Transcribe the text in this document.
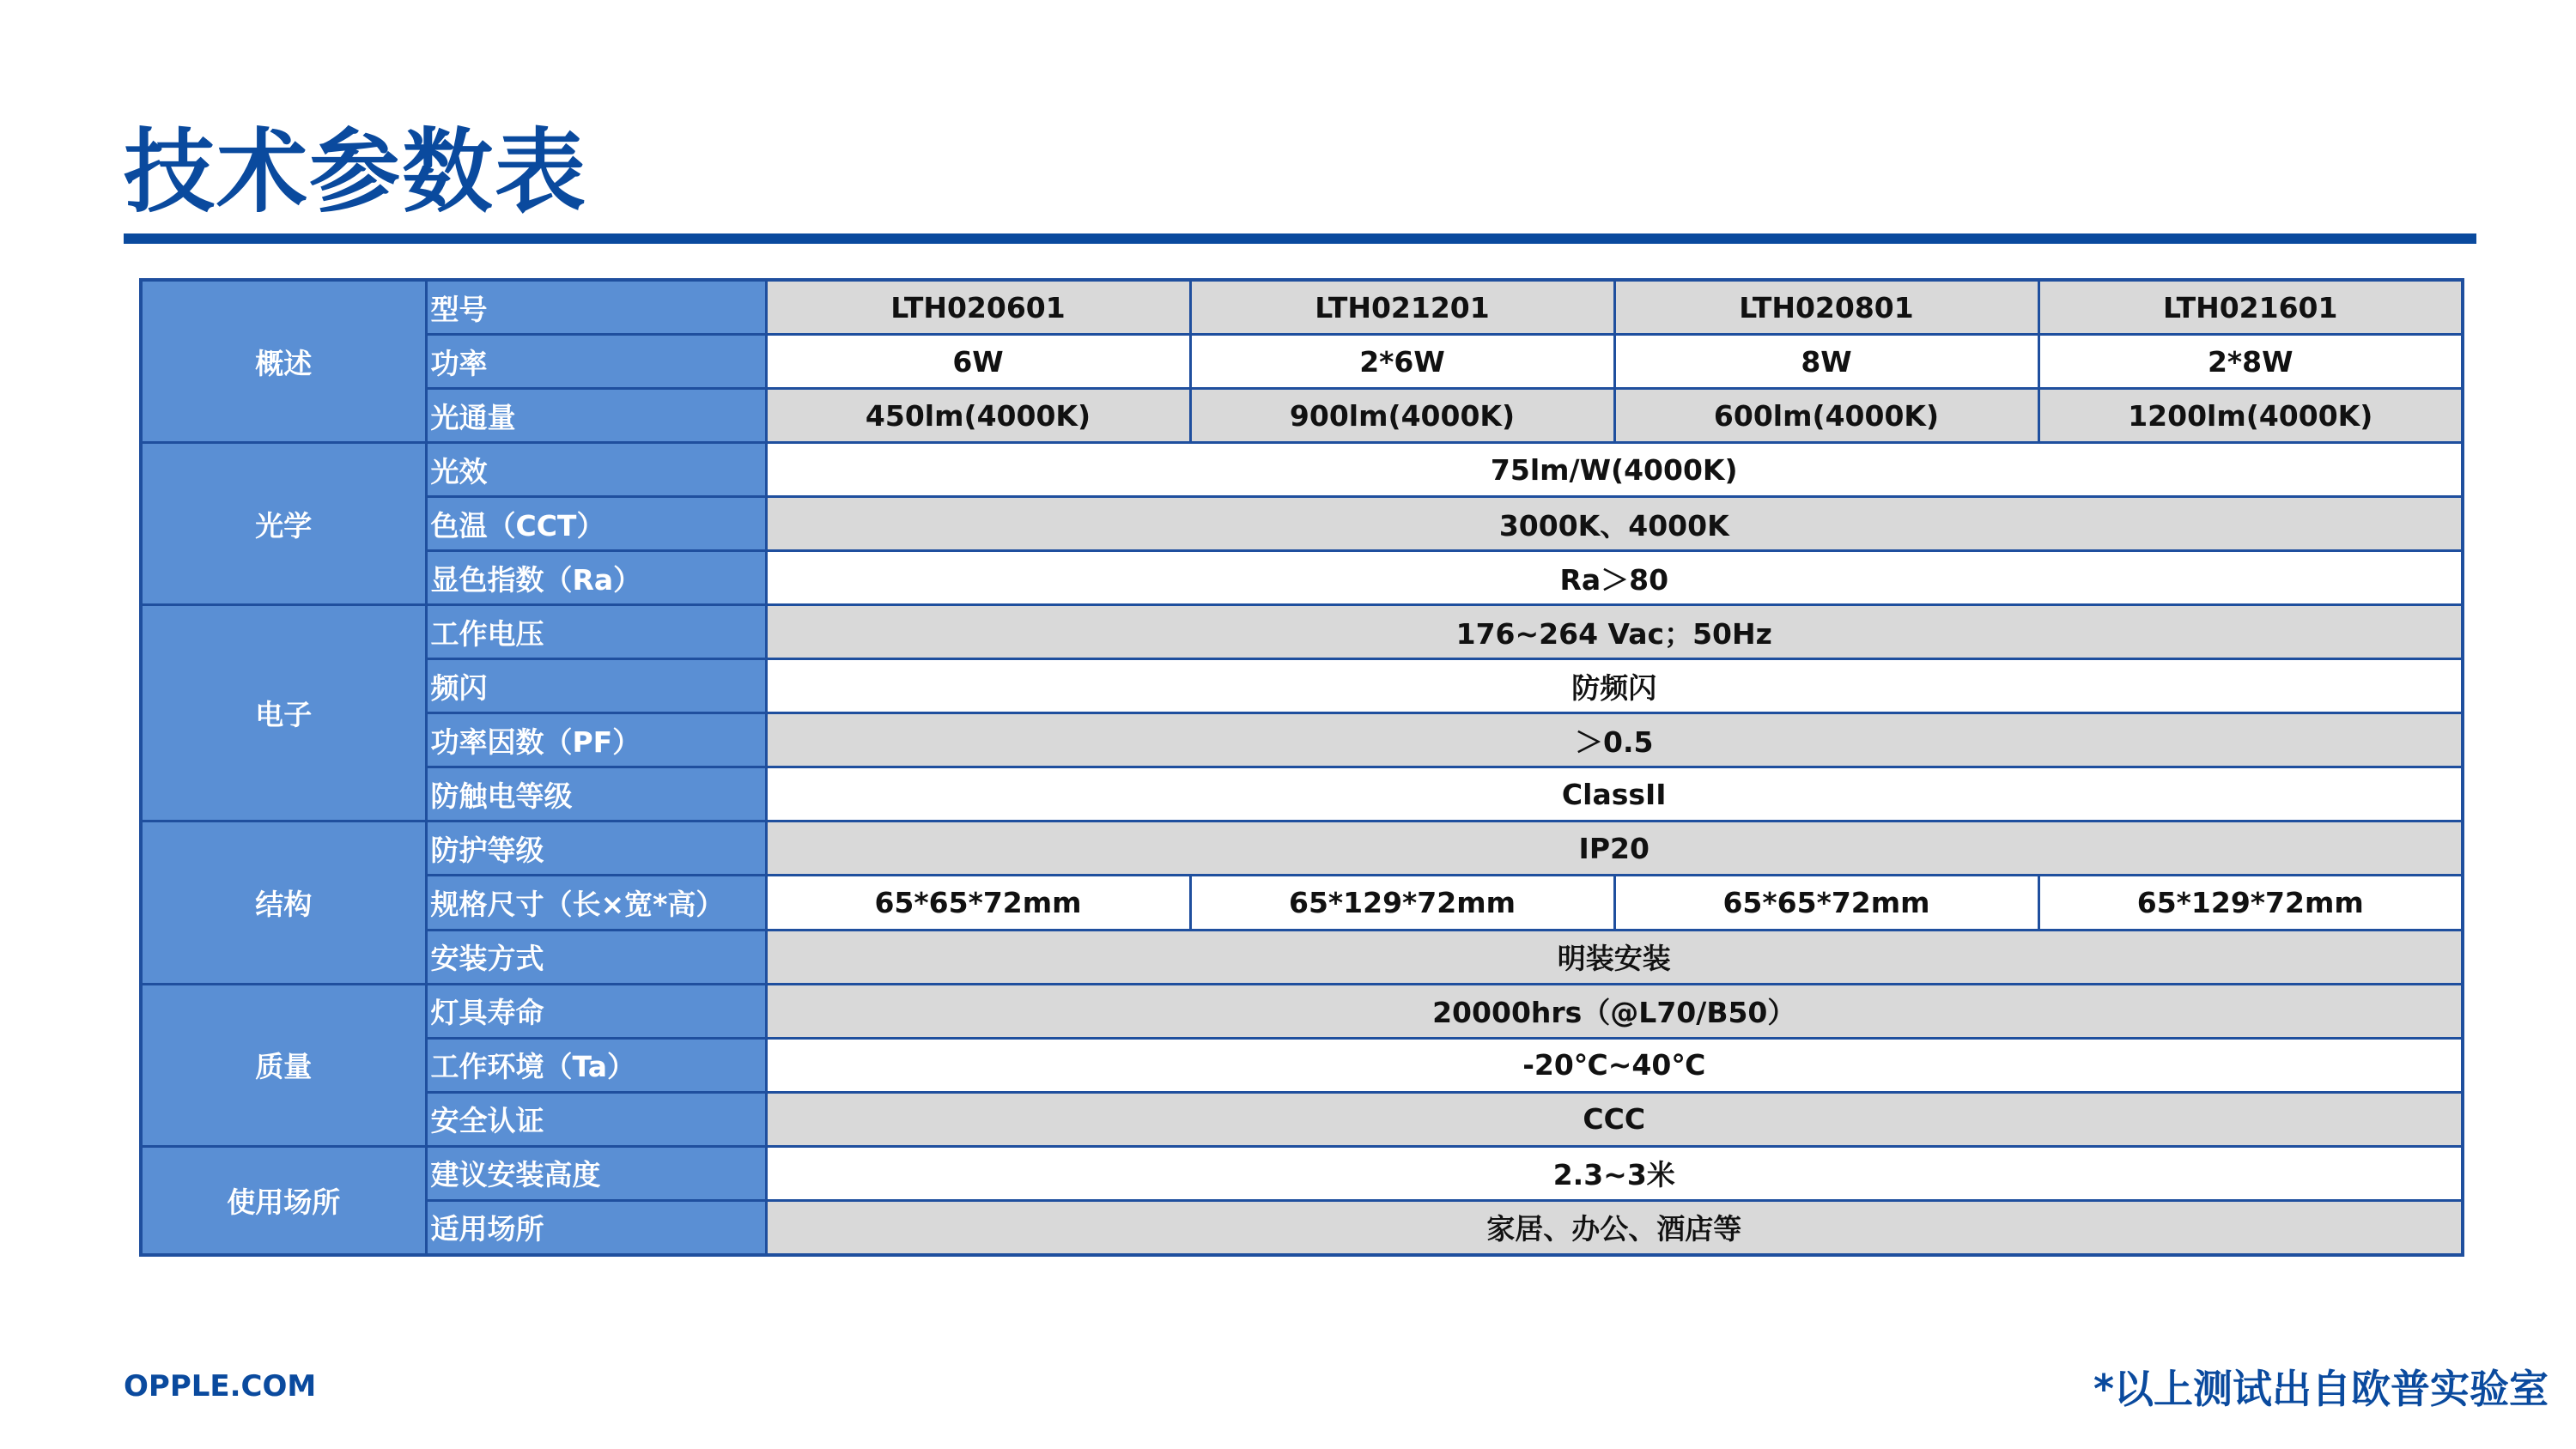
技术参数表
概述	型号	LTH020601	LTH021201	LTH020801	LTH021601
	功率	6W	2*6W	8W	2*8W
	光通量	450lm(4000K)	900lm(4000K)	600lm(4000K)	1200lm(4000K)
光学	光效	75lm/W(4000K)			
	色温（CCT）	3000K、4000K			
	显色指数（Ra）	Ra＞80			
电子	工作电压	176~264 Vac；50Hz			
	频闪	防频闪			
	功率因数（PF）	＞0.5			
	防触电等级	ClassⅠⅠ			
结构	防护等级	IP20			
	规格尺寸（长×宽*高）	65*65*72mm	65*129*72mm	65*65*72mm	65*129*72mm
	安装方式	明装安装			
质量	灯具寿命	20000hrs（@L70/B50）			
	工作环境（Ta）	-20℃~40℃			
	安全认证	CCC			
使用场所	建议安装高度	2.3~3米			
	适用场所	家居、办公、酒店等			
OPPLE.COM	*以上测试出自欧普实验室
